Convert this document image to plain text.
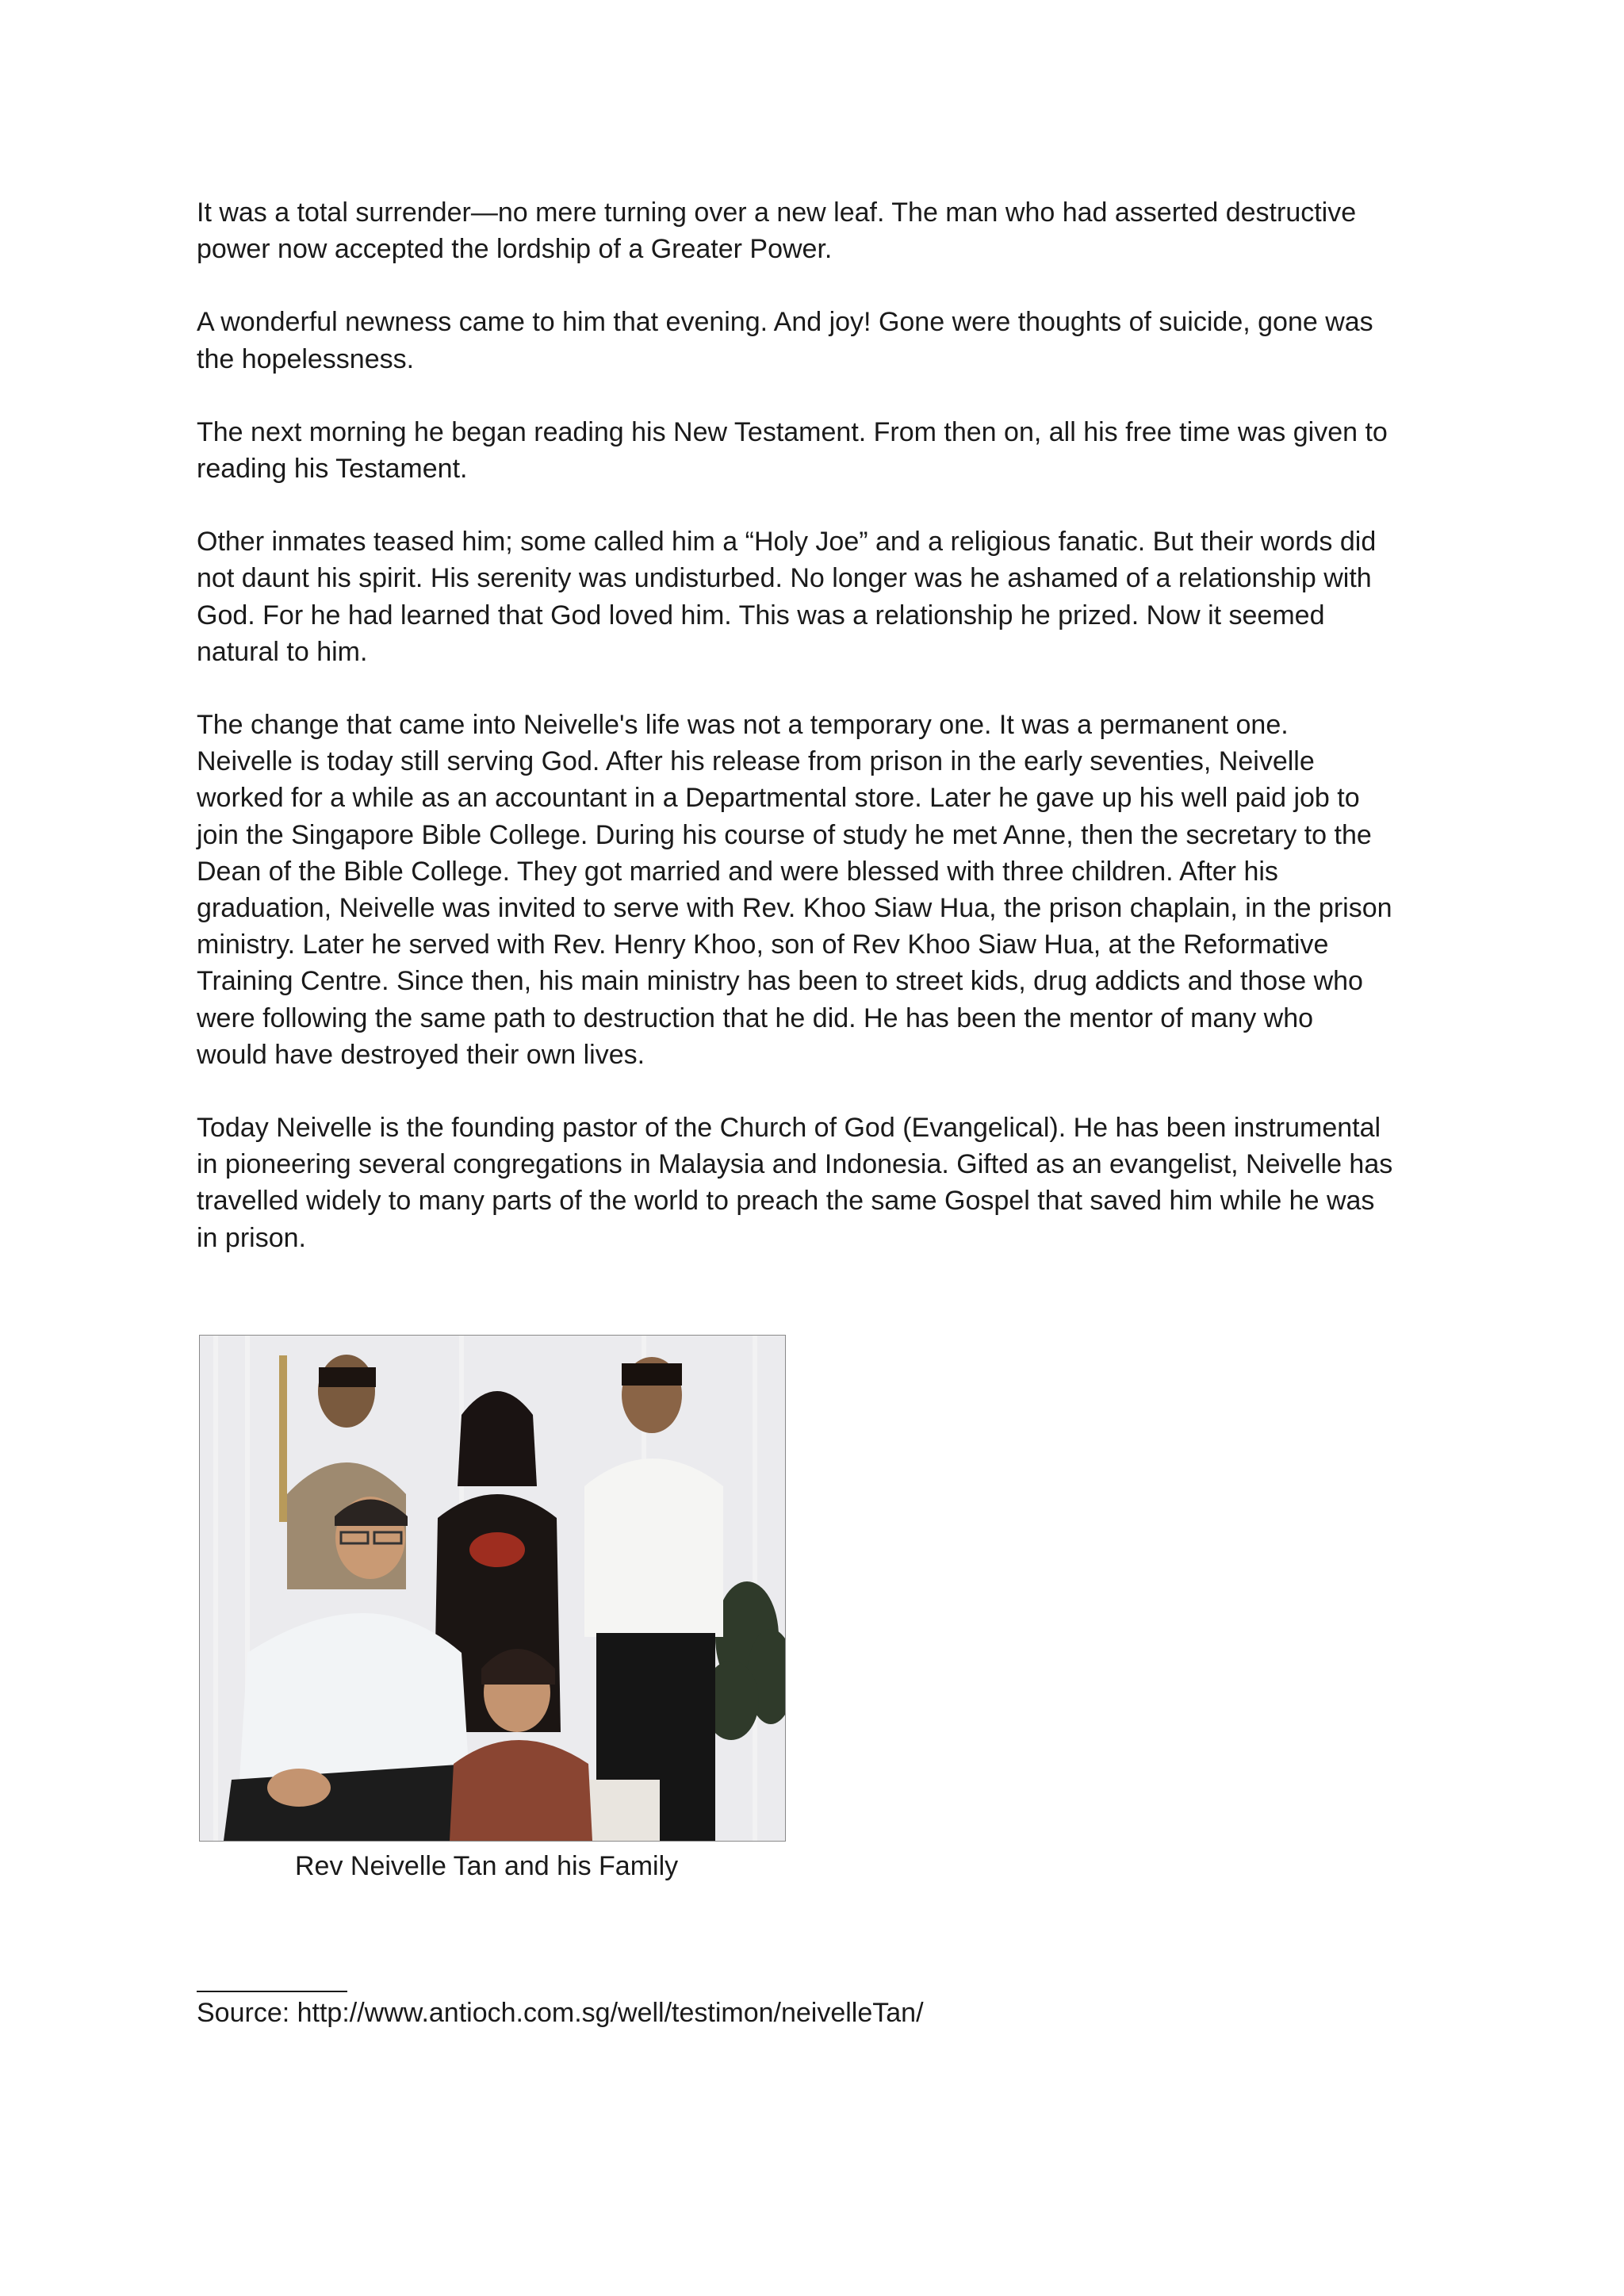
It was a total surrender—no mere turning over a new leaf. The man who had asserted destructive
power now accepted the lordship of a Greater Power.

A wonderful newness came to him that evening. And joy! Gone were thoughts of suicide, gone was
the hopelessness.

The next morning he began reading his New Testament. From then on, all his free time was given to
reading his Testament.

Other inmates teased him; some called him a “Holy Joe” and a religious fanatic. But their words did
not daunt his spirit. His serenity was undisturbed. No longer was he ashamed of a relationship with
God. For he had learned that God loved him. This was a relationship he prized. Now it seemed
natural to him.

The change that came into Neivelle's life was not a temporary one. It was a permanent one.
Neivelle is today still serving God. After his release from prison in the early seventies, Neivelle
worked for a while as an accountant in a Departmental store. Later he gave up his well paid job to
join the Singapore Bible College. During his course of study he met Anne, then the secretary to the
Dean of the Bible College. They got married and were blessed with three children. After his
graduation, Neivelle was invited to serve with Rev. Khoo Siaw Hua, the prison chaplain, in the prison
ministry. Later he served with Rev. Henry Khoo, son of Rev Khoo Siaw Hua, at the Reformative
Training Centre. Since then, his main ministry has been to street kids, drug addicts and those who
were following the same path to destruction that he did. He has been the mentor of many who
would have destroyed their own lives.

Today Neivelle is the founding pastor of the Church of God (Evangelical). He has been instrumental
in pioneering several congregations in Malaysia and Indonesia. Gifted as an evangelist, Neivelle has
travelled widely to many parts of the world to preach the same Gospel that saved him while he was
in prison.

Rev Neivelle Tan and his Family
Source: http://www.antioch.com.sg/well/testimon/neivelleTan/
